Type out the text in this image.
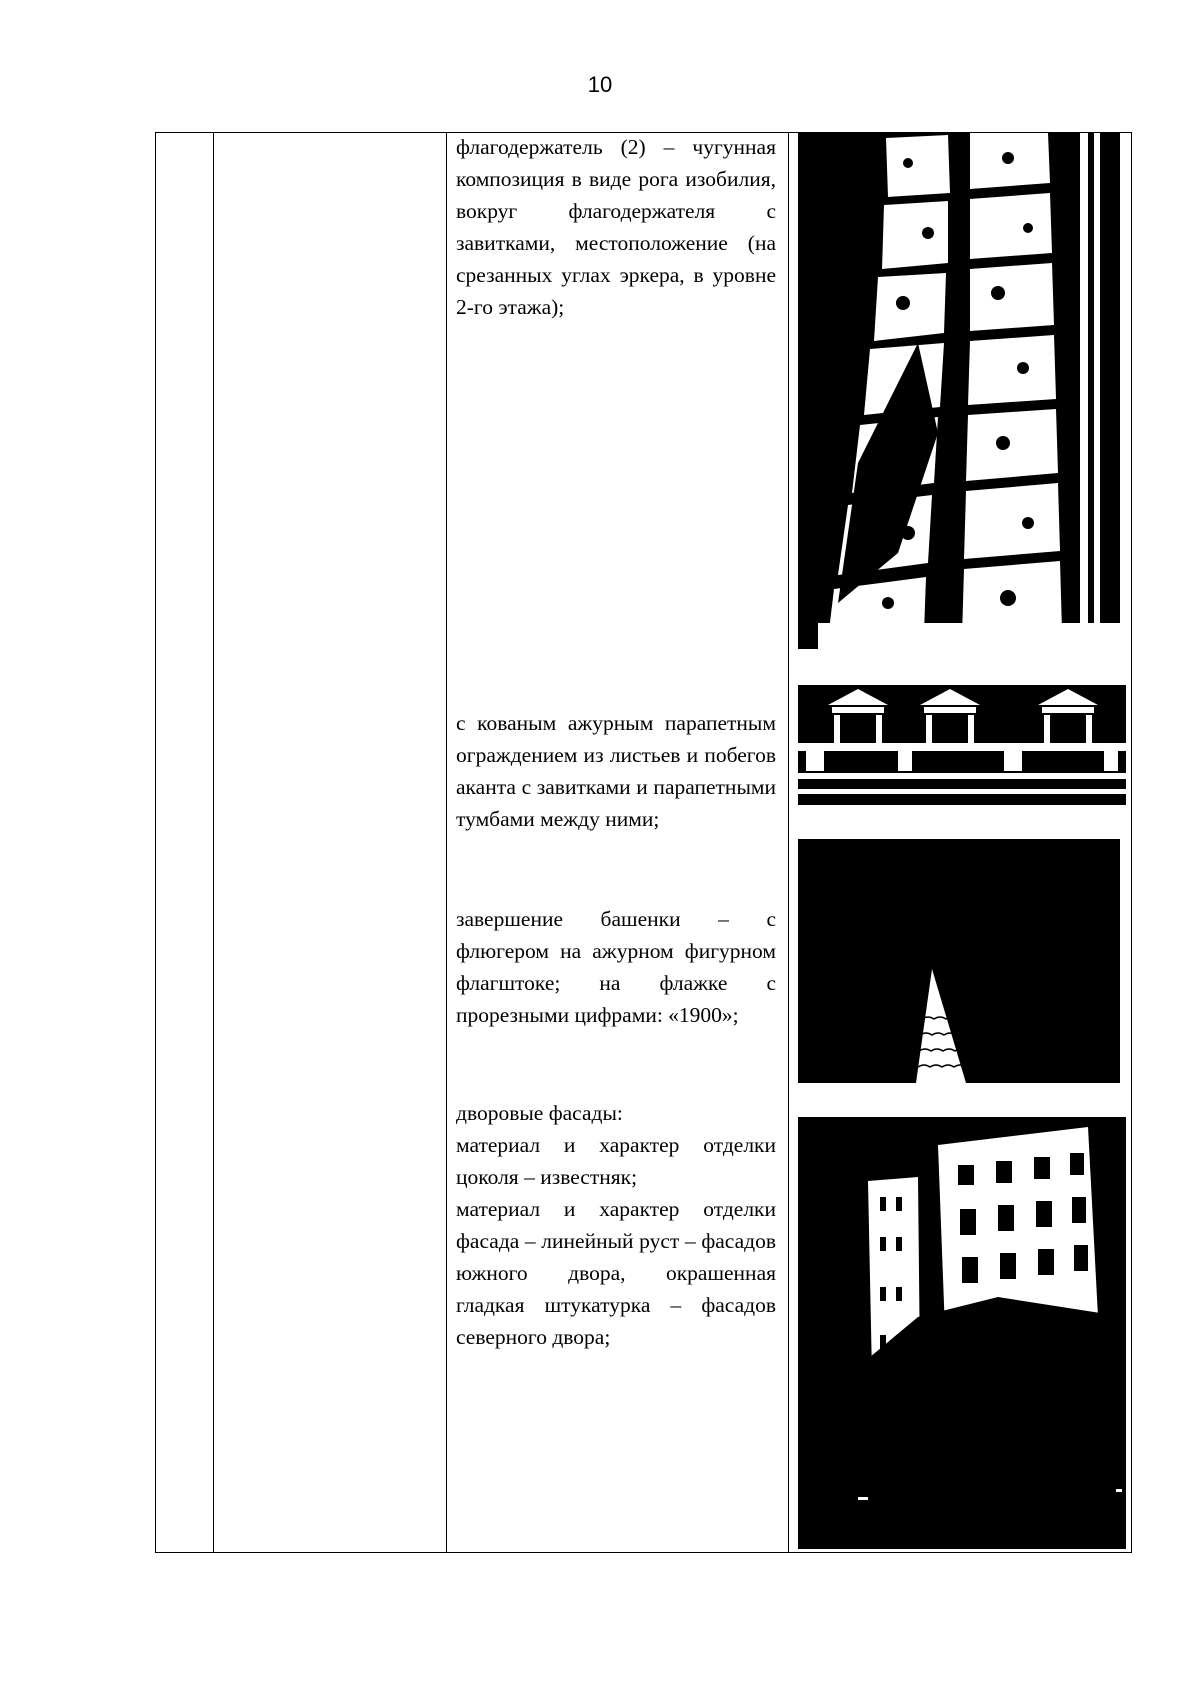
10

флагодержатель (2) – чугунная композиция в виде рога изобилия, вокруг флагодержателя с завитками, местоположение (на срезанных углах эркера, в уровне 2-го этажа);

с кованым ажурным парапетным ограждением из листьев и побегов аканта с завитками и парапетными тумбами между ними;

завершение башенки – с флюгером на ажурном фигурном флагштоке; на флажке с прорезными цифрами: «1900»;

дворовые фасады:

материал и характер отделки цоколя – известняк;

материал и характер отделки фасада – линейный руст – фасадов южного двора, окрашенная гладкая штукатурка – фасадов северного двора;
